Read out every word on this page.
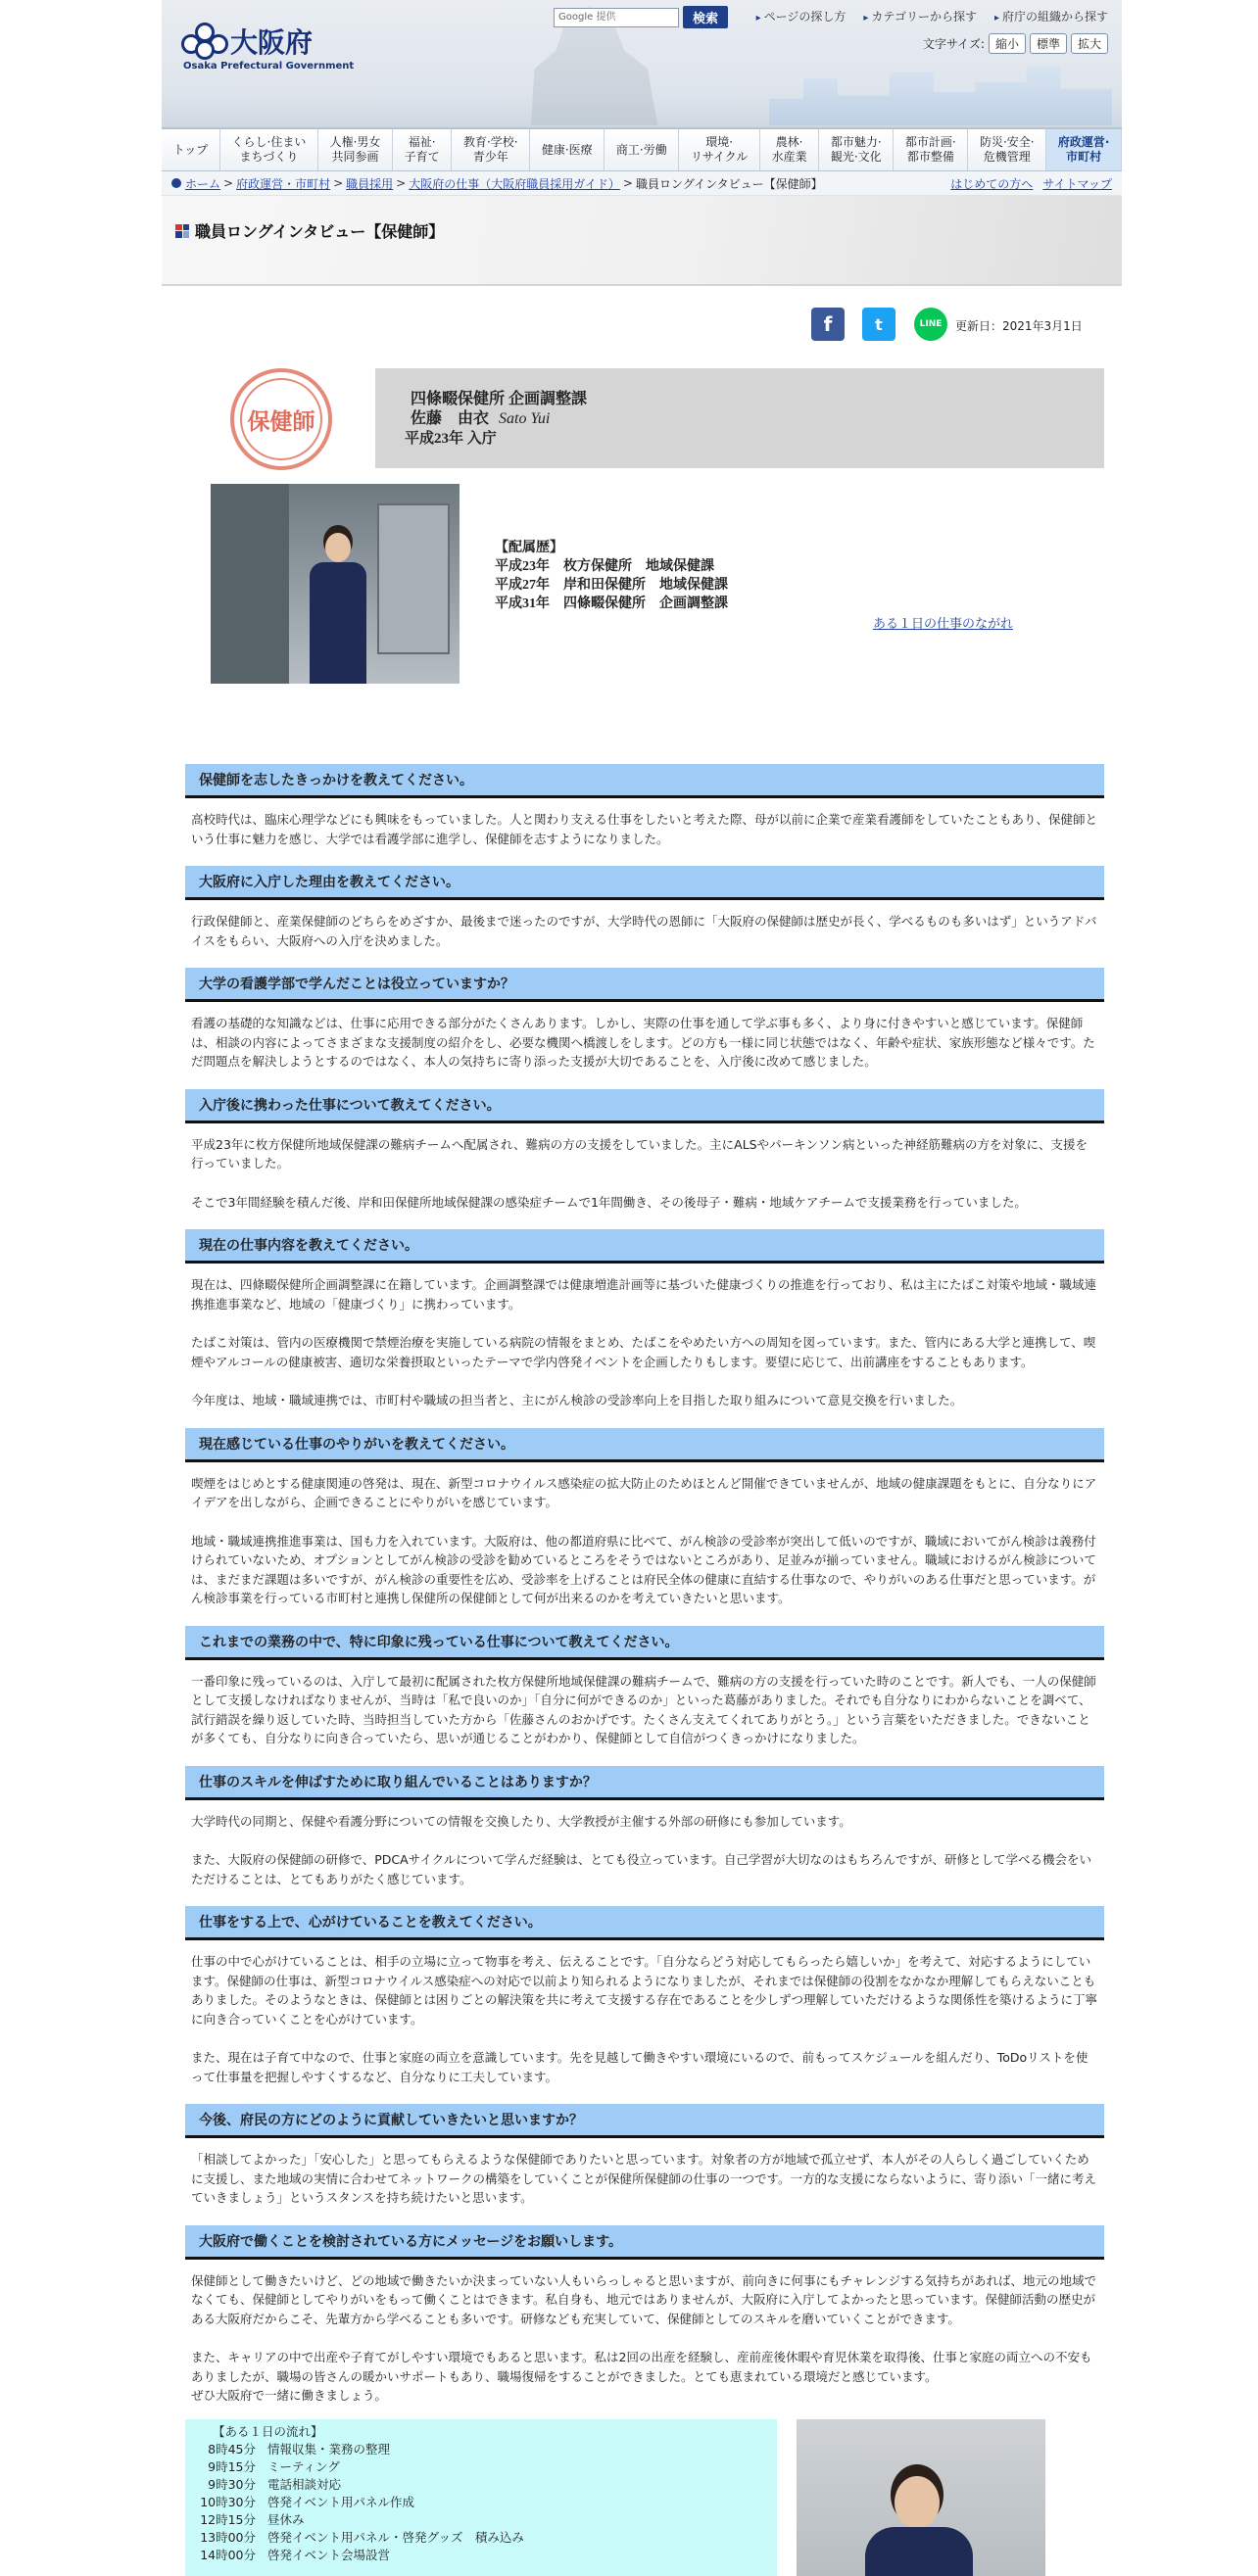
大阪府
Osaka Prefectural Government
Google 提供	検索	▸ ページの探し方	▸ カテゴリーから探す	▸ 府庁の組織から探す
文字サイズ: 縮小	標準	拡大
トップ
くらし·住まい
まちづくり
人権·男女
共同参画
福祉·
子育て
教育·学校·
青少年
健康·医療	商工·労働
環境·
リサイクル
農林·
水産業
都市魅力·
観光·文化
都市計画·
都市整備
防災·安全·
危機管理
府政運営·
市町村
ホーム > 府政運営・市町村 > 職員採用 > 大阪府の仕事（大阪府職員採用ガイド） > 職員ロングインタビュー【保健師】	はじめての方へ サイトマップ
職員ロングインタビュー【保健師】
f	t	LINE 更新日：2021年3月1日
保健師
四條畷保健所 企画調整課
佐藤　由衣 Sato Yui
平成23年 入庁
【配属歴】
平成23年　枚方保健所　地域保健課
平成27年　岸和田保健所　地域保健課
平成31年　四條畷保健所　企画調整課
ある１日の仕事のながれ
保健師を志したきっかけを教えてください。

高校時代は、臨床心理学などにも興味をもっていました。人と関わり支える仕事をしたいと考えた際、母が以前に企業で産業看護師をしていたこともあり、保健師という仕事に魅力を感じ、大学では看護学部に進学し、保健師を志すようになりました。

大阪府に入庁した理由を教えてください。

行政保健師と、産業保健師のどちらをめざすか、最後まで迷ったのですが、大学時代の恩師に「大阪府の保健師は歴史が長く、学べるものも多いはず」というアドバイスをもらい、大阪府への入庁を決めました。

大学の看護学部で学んだことは役立っていますか？

看護の基礎的な知識などは、仕事に応用できる部分がたくさんあります。しかし、実際の仕事を通して学ぶ事も多く、より身に付きやすいと感じています。保健師は、相談の内容によってさまざまな支援制度の紹介をし、必要な機関へ橋渡しをします。どの方も一様に同じ状態ではなく、年齢や症状、家族形態など様々です。ただ問題点を解決しようとするのではなく、本人の気持ちに寄り添った支援が大切であることを、入庁後に改めて感じました。

入庁後に携わった仕事について教えてください。

平成23年に枚方保健所地域保健課の難病チームへ配属され、難病の方の支援をしていました。主にALSやパーキンソン病といった神経筋難病の方を対象に、支援を行っていました。

そこで3年間経験を積んだ後、岸和田保健所地域保健課の感染症チームで1年間働き、その後母子・難病・地域ケアチームで支援業務を行っていました。

現在の仕事内容を教えてください。

現在は、四條畷保健所企画調整課に在籍しています。企画調整課では健康増進計画等に基づいた健康づくりの推進を行っており、私は主にたばこ対策や地域・職域連携推進事業など、地域の「健康づくり」に携わっています。

たばこ対策は、管内の医療機関で禁煙治療を実施している病院の情報をまとめ、たばこをやめたい方への周知を図っています。また、管内にある大学と連携して、喫煙やアルコールの健康被害、適切な栄養摂取といったテーマで学内啓発イベントを企画したりもします。要望に応じて、出前講座をすることもあります。

今年度は、地域・職域連携では、市町村や職域の担当者と、主にがん検診の受診率向上を目指した取り組みについて意見交換を行いました。

現在感じている仕事のやりがいを教えてください。

喫煙をはじめとする健康関連の啓発は、現在、新型コロナウイルス感染症の拡大防止のためほとんど開催できていませんが、地域の健康課題をもとに、自分なりにアイデアを出しながら、企画できることにやりがいを感じています。

地域・職域連携推進事業は、国も力を入れています。大阪府は、他の都道府県に比べて、がん検診の受診率が突出して低いのですが、職域においてがん検診は義務付けられていないため、オプションとしてがん検診の受診を勧めているところをそうではないところがあり、足並みが揃っていません。職域におけるがん検診については、まだまだ課題は多いですが、がん検診の重要性を広め、受診率を上げることは府民全体の健康に直結する仕事なので、やりがいのある仕事だと思っています。がん検診事業を行っている市町村と連携し保健所の保健師として何が出来るのかを考えていきたいと思います。

これまでの業務の中で、特に印象に残っている仕事について教えてください。

一番印象に残っているのは、入庁して最初に配属された枚方保健所地域保健課の難病チームで、難病の方の支援を行っていた時のことです。新人でも、一人の保健師として支援しなければなりませんが、当時は「私で良いのか」「自分に何ができるのか」といった葛藤がありました。それでも自分なりにわからないことを調べて、試行錯誤を繰り返していた時、当時担当していた方から「佐藤さんのおかげです。たくさん支えてくれてありがとう。」という言葉をいただきました。できないことが多くても、自分なりに向き合っていたら、思いが通じることがわかり、保健師として自信がつくきっかけになりました。

仕事のスキルを伸ばすために取り組んでいることはありますか？

大学時代の同期と、保健や看護分野についての情報を交換したり、大学教授が主催する外部の研修にも参加しています。

また、大阪府の保健師の研修で、PDCAサイクルについて学んだ経験は、とても役立っています。自己学習が大切なのはもちろんですが、研修として学べる機会をいただけることは、とてもありがたく感じています。

仕事をする上で、心がけていることを教えてください。

仕事の中で心がけていることは、相手の立場に立って物事を考え、伝えることです。「自分ならどう対応してもらったら嬉しいか」を考えて、対応するようにしています。保健師の仕事は、新型コロナウイルス感染症への対応で以前より知られるようになりましたが、それまでは保健師の役割をなかなか理解してもらえないこともありました。そのようなときは、保健師とは困りごとの解決策を共に考えて支援する存在であることを少しずつ理解していただけるような関係性を築けるように丁寧に向き合っていくことを心がけています。

また、現在は子育て中なので、仕事と家庭の両立を意識しています。先を見越して働きやすい環境にいるので、前もってスケジュールを組んだり、ToDoリストを使って仕事量を把握しやすくするなど、自分なりに工夫しています。

今後、府民の方にどのように貢献していきたいと思いますか？

「相談してよかった」「安心した」と思ってもらえるような保健師でありたいと思っています。対象者の方が地域で孤立せず、本人がその人らしく過ごしていくために支援し、また地域の実情に合わせてネットワークの構築をしていくことが保健所保健師の仕事の一つです。一方的な支援にならないように、寄り添い「一緒に考えていきましょう」というスタンスを持ち続けたいと思います。

大阪府で働くことを検討されている方にメッセージをお願いします。

保健師として働きたいけど、どの地域で働きたいか決まっていない人もいらっしゃると思いますが、前向きに何事にもチャレンジする気持ちがあれば、地元の地域でなくても、保健師としてやりがいをもって働くことはできます。私自身も、地元ではありませんが、大阪府に入庁してよかったと思っています。保健師活動の歴史がある大阪府だからこそ、先輩方から学べることも多いです。研修なども充実していて、保健師としてのスキルを磨いていくことができます。

また、キャリアの中で出産や子育てがしやすい環境でもあると思います。私は2回の出産を経験し、産前産後休暇や育児休業を取得後、仕事と家庭の両立への不安もありましたが、職場の皆さんの暖かいサポートもあり、職場復帰をすることができました。とても恵まれている環境だと感じています。
ぜひ大阪府で一緒に働きましょう。

【ある１日の流れ】
8時45分 情報収集・業務の整理
9時15分 ミーティング
9時30分 電話相談対応
10時30分 啓発イベント用パネル作成
12時15分 昼休み
13時00分 啓発イベント用パネル・啓発グッズ　積み込み
14時00分 啓発イベント会場設営
